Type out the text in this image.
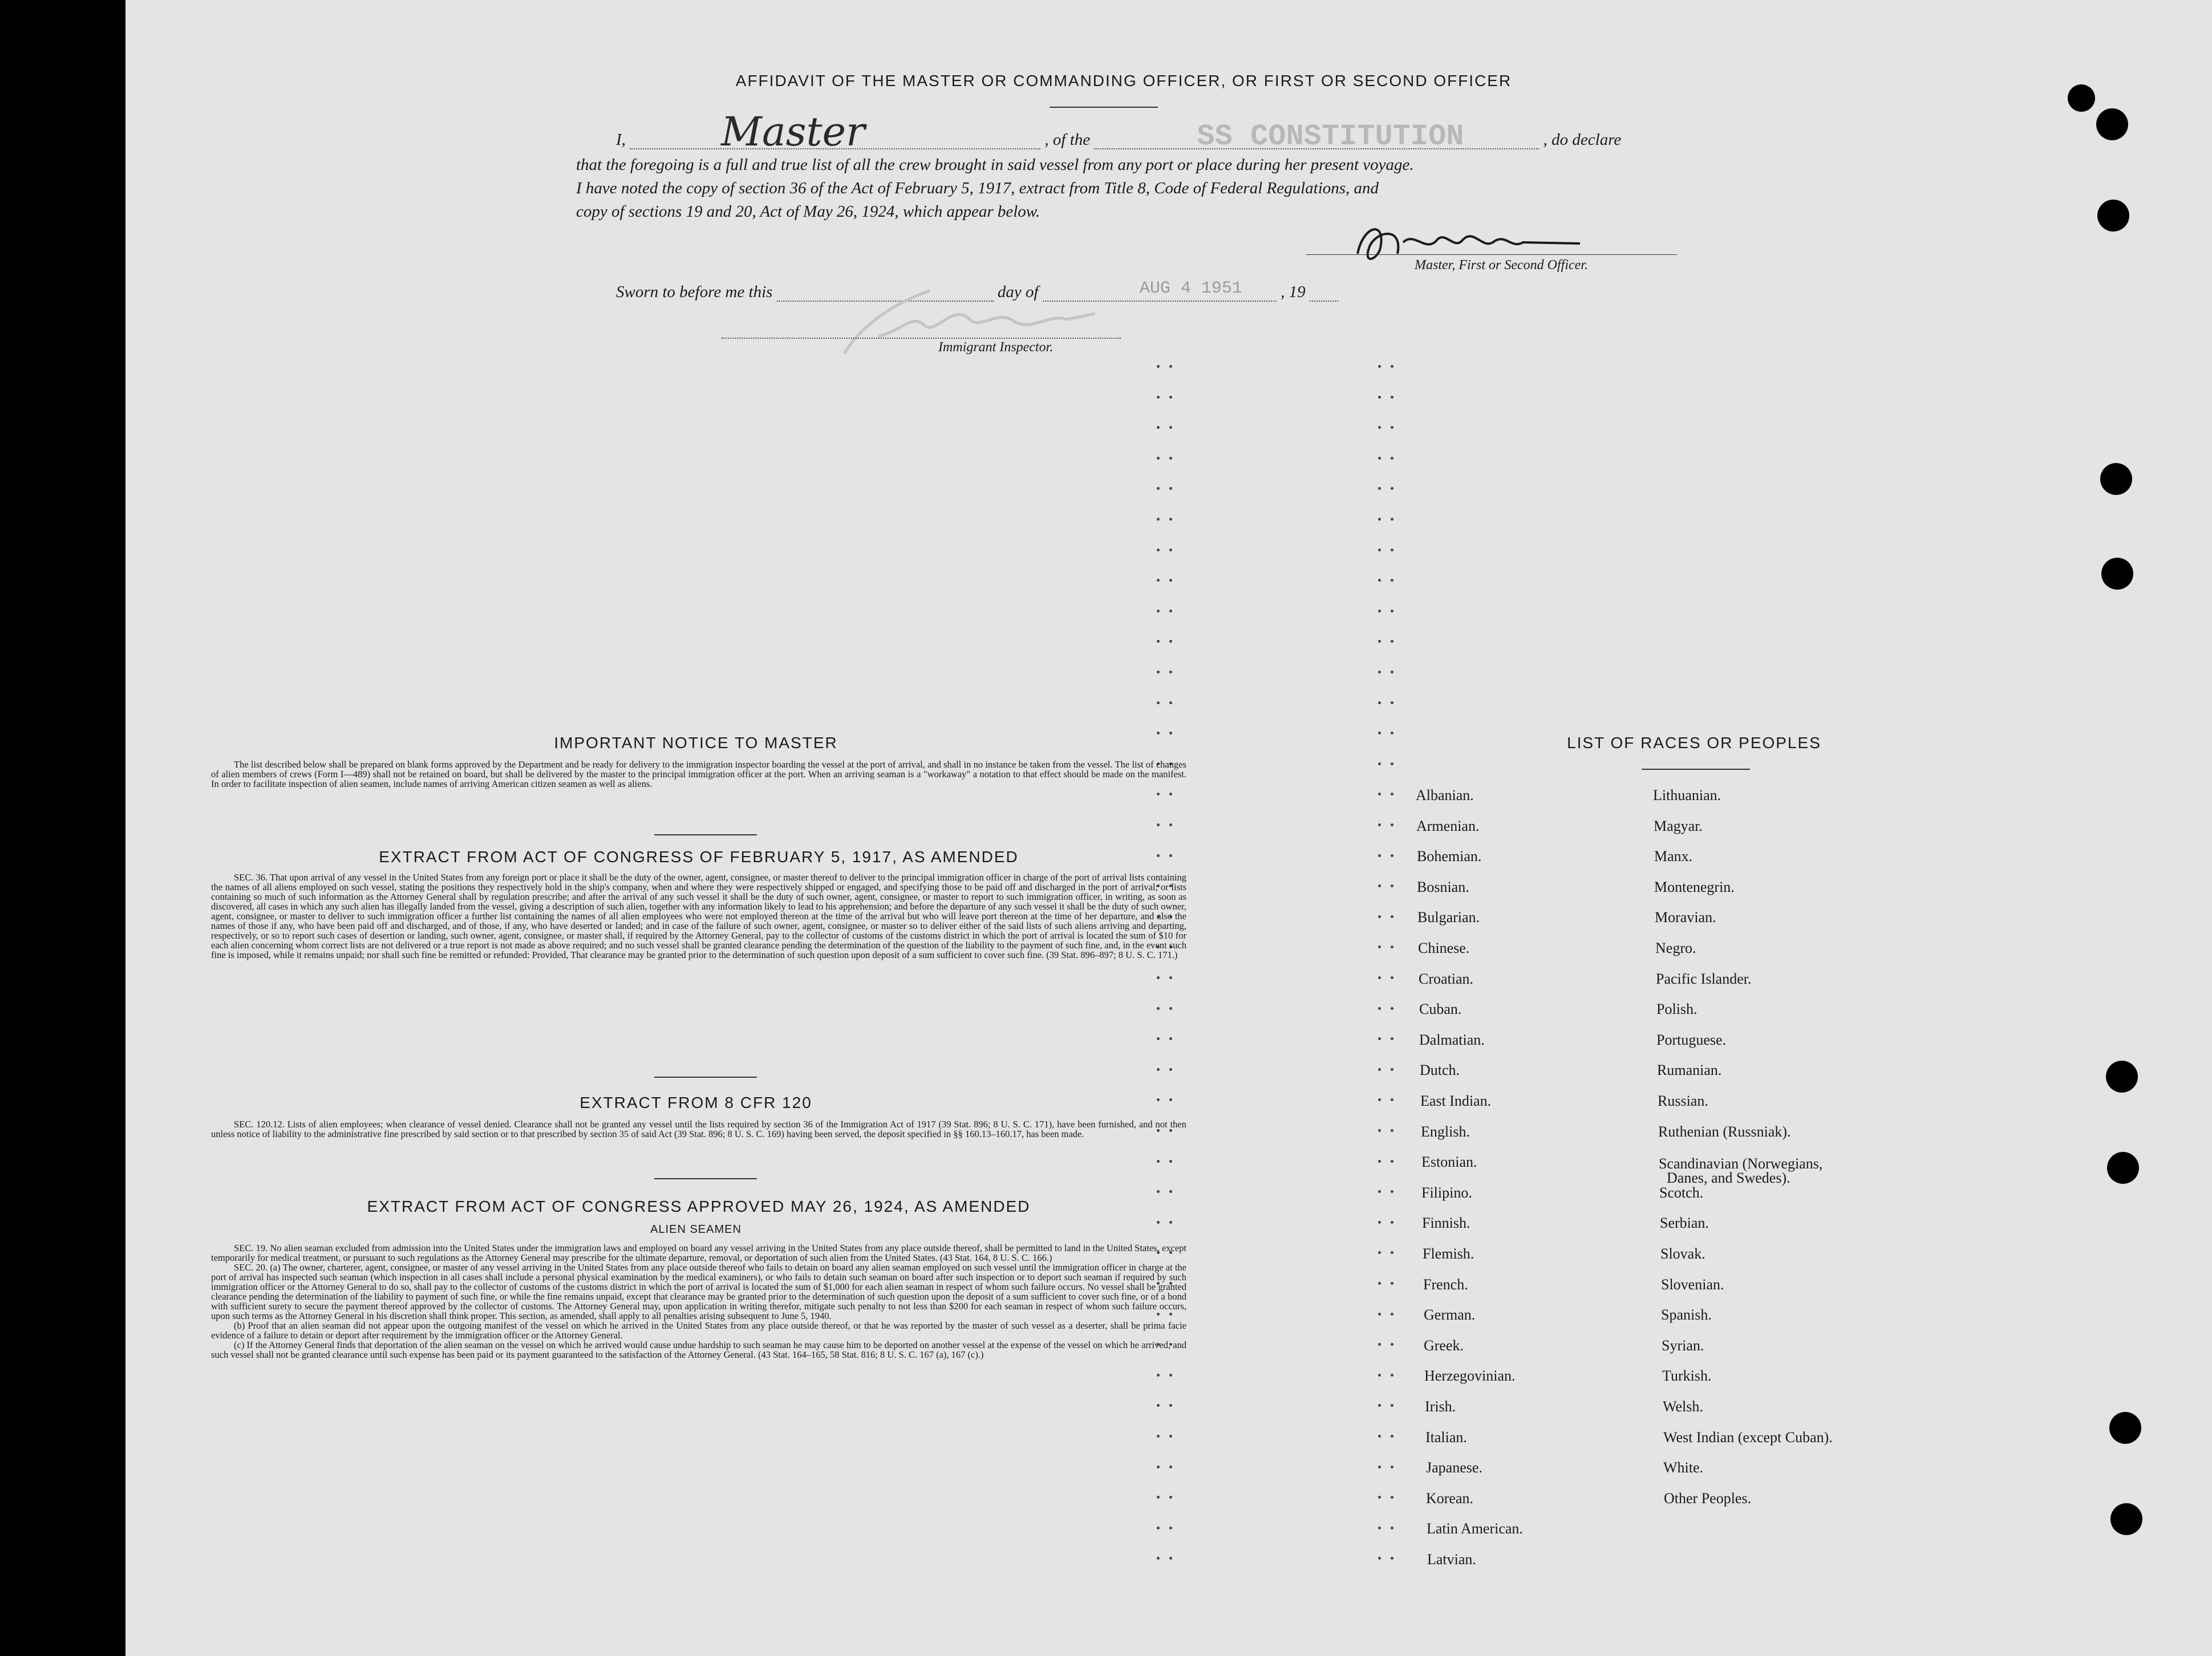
AFFIDAVIT OF THE MASTER OR COMMANDING OFFICER, OR FIRST OR SECOND OFFICER
I, Master	, of the	SS CONSTITUTION	, do declare
that the foregoing is a full and true list of all the crew brought in said vessel from any port or place during her present voyage.
I have noted the copy of section 36 of the Act of February 5, 1917, extract from Title 8, Code of Federal Regulations, and
copy of sections 19 and 20, Act of May 26, 1924, which appear below.
Master, First or Second Officer.
Sworn to before me this	day of	AUG 4 1951 , 19
Immigrant Inspector.
IMPORTANT NOTICE TO MASTER
The list described below shall be prepared on blank forms approved by the Department and be ready for delivery to the immigration inspector boarding the vessel at the port of arrival, and shall in no instance be taken from the vessel. The list of changes of alien members of crews (Form I—489) shall not be retained on board, but shall be delivered by the master to the principal immigration officer at the port. When an arriving seaman is a "workaway" a notation to that effect should be made on the manifest. In order to facilitate inspection of alien seamen, include names of arriving American citizen seamen as well as aliens.
EXTRACT FROM ACT OF CONGRESS OF FEBRUARY 5, 1917, AS AMENDED
SEC. 36. That upon arrival of any vessel in the United States from any foreign port or place it shall be the duty of the owner, agent, consignee, or master thereof to deliver to the principal immigration officer in charge of the port of arrival lists containing the names of all aliens employed on such vessel, stating the positions they respectively hold in the ship's company, when and where they were respectively shipped or engaged, and specifying those to be paid off and discharged in the port of arrival; or lists containing so much of such information as the Attorney General shall by regulation prescribe; and after the arrival of any such vessel it shall be the duty of such owner, agent, consignee, or master to report to such immigration officer, in writing, as soon as discovered, all cases in which any such alien has illegally landed from the vessel, giving a description of such alien, together with any information likely to lead to his apprehension; and before the departure of any such vessel it shall be the duty of such owner, agent, consignee, or master to deliver to such immigration officer a further list containing the names of all alien employees who were not employed thereon at the time of the arrival but who will leave port thereon at the time of her departure, and also the names of those if any, who have been paid off and discharged, and of those, if any, who have deserted or landed; and in case of the failure of such owner, agent, consignee, or master so to deliver either of the said lists of such aliens arriving and departing, respectively, or so to report such cases of desertion or landing, such owner, agent, consignee, or master shall, if required by the Attorney General, pay to the collector of customs of the customs district in which the port of arrival is located the sum of $10 for each alien concerning whom correct lists are not delivered or a true report is not made as above required; and no such vessel shall be granted clearance pending the determination of the question of the liability to the payment of such fine, and, in the event such fine is imposed, while it remains unpaid; nor shall such fine be remitted or refunded: Provided, That clearance may be granted prior to the determination of such question upon deposit of a sum sufficient to cover such fine. (39 Stat. 896–897; 8 U. S. C. 171.)
EXTRACT FROM 8 CFR 120
SEC. 120.12. Lists of alien employees; when clearance of vessel denied. Clearance shall not be granted any vessel until the lists required by section 36 of the Immigration Act of 1917 (39 Stat. 896; 8 U. S. C. 171), have been furnished, and not then unless notice of liability to the administrative fine prescribed by said section or to that prescribed by section 35 of said Act (39 Stat. 896; 8 U. S. C. 169) having been served, the deposit specified in §§ 160.13–160.17, has been made.
EXTRACT FROM ACT OF CONGRESS APPROVED MAY 26, 1924, AS AMENDED
ALIEN SEAMEN
SEC. 19. No alien seaman excluded from admission into the United States under the immigration laws and employed on board any vessel arriving in the United States from any place outside thereof, shall be permitted to land in the United States, except temporarily for medical treatment, or pursuant to such regulations as the Attorney General may prescribe for the ultimate departure, removal, or deportation of such alien from the United States. (43 Stat. 164, 8 U. S. C. 166.)
SEC. 20. (a) The owner, charterer, agent, consignee, or master of any vessel arriving in the United States from any place outside thereof who fails to detain on board any alien seaman employed on such vessel until the immigration officer in charge at the port of arrival has inspected such seaman (which inspection in all cases shall include a personal physical examination by the medical examiners), or who fails to detain such seaman on board after such inspection or to deport such seaman if required by such immigration officer or the Attorney General to do so, shall pay to the collector of customs of the customs district in which the port of arrival is located the sum of $1,000 for each alien seaman in respect of whom such failure occurs. No vessel shall be granted clearance pending the determination of the liability to payment of such fine, or while the fine remains unpaid, except that clearance may be granted prior to the determination of such question upon the deposit of a sum sufficient to cover such fine, or of a bond with sufficient surety to secure the payment thereof approved by the collector of customs. The Attorney General may, upon application in writing therefor, mitigate such penalty to not less than $200 for each seaman in respect of whom such failure occurs, upon such terms as the Attorney General in his discretion shall think proper. This section, as amended, shall apply to all penalties arising subsequent to June 5, 1940.
(b) Proof that an alien seaman did not appear upon the outgoing manifest of the vessel on which he arrived in the United States from any place outside thereof, or that he was reported by the master of such vessel as a deserter, shall be prima facie evidence of a failure to detain or deport after requirement by the immigration officer or the Attorney General.
(c) If the Attorney General finds that deportation of the alien seaman on the vessel on which he arrived would cause undue hardship to such seaman he may cause him to be deported on another vessel at the expense of the vessel on which he arrived, and such vessel shall not be granted clearance until such expense has been paid or its payment guaranteed to the satisfaction of the Attorney General. (43 Stat. 164–165, 58 Stat. 816; 8 U. S. C. 167 (a), 167 (c).)
LIST OF RACES OR PEOPLES
Albanian.
Armenian.
Bohemian.
Bosnian.
Bulgarian.
Chinese.
Croatian.
Cuban.
Dalmatian.
Dutch.
East Indian.
English.
Estonian.
Filipino.
Finnish.
Flemish.
French.
German.
Greek.
Herzegovinian.
Irish.
Italian.
Japanese.
Korean.
Latin American.
Latvian.
Lithuanian.
Magyar.
Manx.
Montenegrin.
Moravian.
Negro.
Pacific Islander.
Polish.
Portuguese.
Rumanian.
Russian.
Ruthenian (Russniak).
Scandinavian (Norwegians,
Danes, and Swedes).
Scotch.
Serbian.
Slovak.
Slovenian.
Spanish.
Syrian.
Turkish.
Welsh.
West Indian (except Cuban).
White.
Other Peoples.
